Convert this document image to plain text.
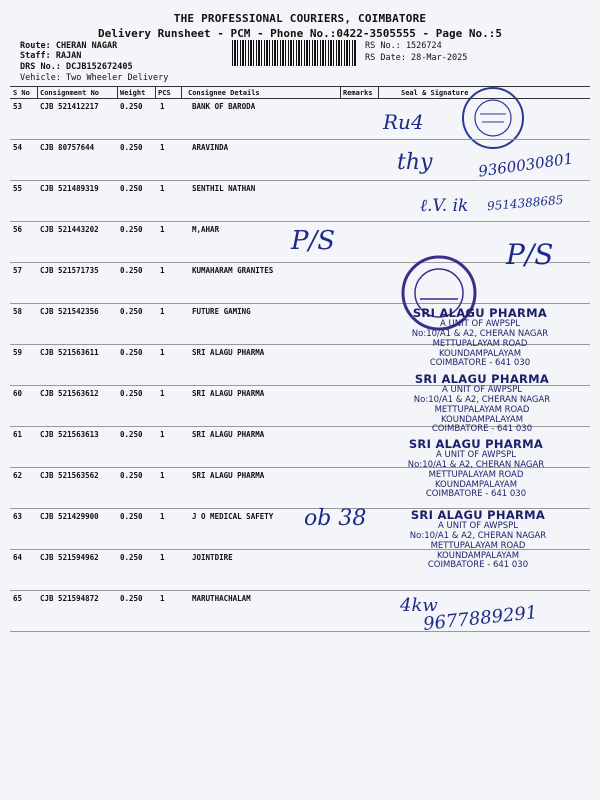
THE PROFESSIONAL COURIERS, COIMBATORE
Delivery Runsheet - PCM - Phone No.:0422-3505555 - Page No.:5
Route: CHERAN NAGAR
Staff: RAJAN
DRS No.: DCJB152672405
Vehicle: Two Wheeler Delivery
RS No.: 1526724
RS Date: 28-Mar-2025
S No Consignment No	Weight PCS Consignee Details	Remarks	Seal & Signature
53 CJB 521412217	0.250 1	BANK OF BARODA
54 CJB 80757644	0.250 1	ARAVINDA
55 CJB 521489319	0.250 1	SENTHIL NATHAN
56 CJB 521443202	0.250 1	M,AHAR
57 CJB 521571735	0.250 1	KUMAHARAM GRANITES
58 CJB 521542356	0.250 1	FUTURE GAMING
59 CJB 521563611	0.250 1	SRI ALAGU PHARMA
60 CJB 521563612	0.250 1	SRI ALAGU PHARMA
61 CJB 521563613	0.250 1	SRI ALAGU PHARMA
62 CJB 521563562	0.250 1	SRI ALAGU PHARMA
63 CJB 521429900	0.250 1	J O MEDICAL SAFETY
64 CJB 521594962	0.250 1	JOINTDIRE
65 CJB 521594872	0.250 1	MARUTHACHALAM
Ru4
thy	9360030801
ℓ.V. ik 9514388685
P/S	P/S
ob 38
4kw
9677889291
SRI ALAGU PHARMA
A UNIT OF AWPSPL
No:10/A1 & A2, CHERAN NAGAR
METTUPALAYAM ROAD
KOUNDAMPALAYAM
COIMBATORE - 641 030
SRI ALAGU PHARMA
A UNIT OF AWPSPL
No:10/A1 & A2, CHERAN NAGAR
METTUPALAYAM ROAD
KOUNDAMPALAYAM
COIMBATORE - 641 030
SRI ALAGU PHARMA
A UNIT OF AWPSPL
No:10/A1 & A2, CHERAN NAGAR
METTUPALAYAM ROAD
KOUNDAMPALAYAM
COIMBATORE - 641 030
SRI ALAGU PHARMA
A UNIT OF AWPSPL
No:10/A1 & A2, CHERAN NAGAR
METTUPALAYAM ROAD
KOUNDAMPALAYAM
COIMBATORE - 641 030
